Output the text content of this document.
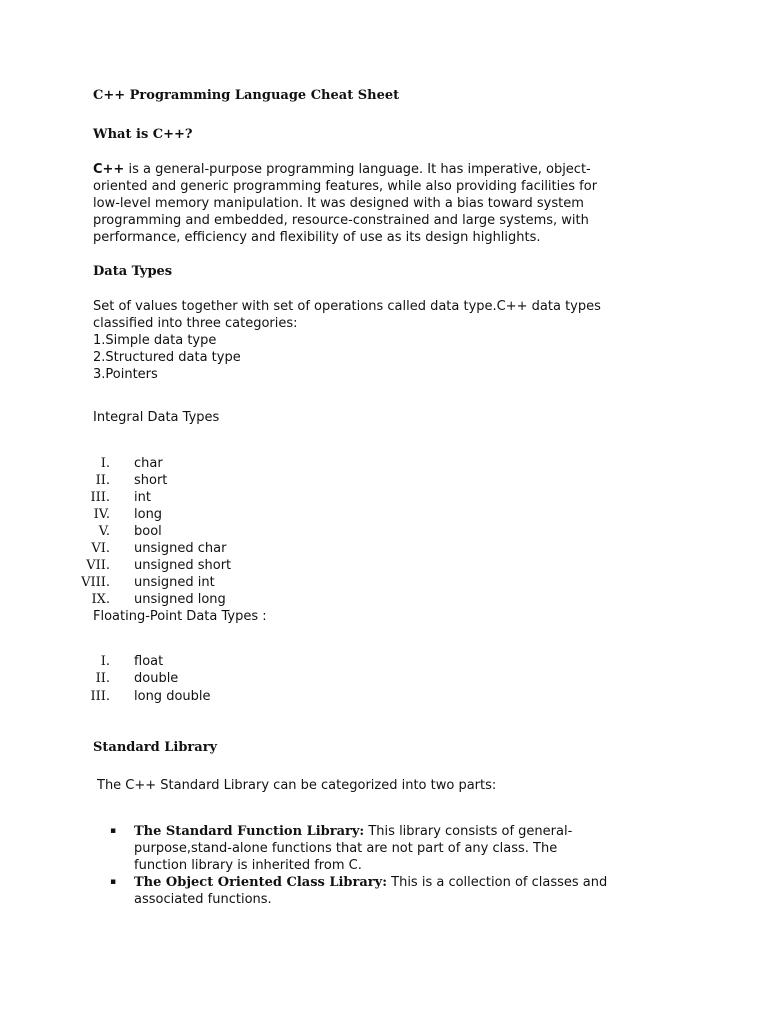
C++ Programming Language Cheat Sheet
What is C++?
C++ is a general-purpose programming language. It has imperative, object-
oriented and generic programming features, while also providing facilities for
low-level memory manipulation. It was designed with a bias toward system
programming and embedded, resource-constrained and large systems, with
performance, efficiency and flexibility of use as its design highlights.
Data Types
Set of values together with set of operations called data type.C++ data types
classified into three categories:
1.Simple data type
2.Structured data type
3.Pointers
Integral Data Types
I. char
II. short
III. int
IV. long
V. bool
VI. unsigned char
VII. unsigned short
VIII. unsigned int
IX. unsigned long
Floating-Point Data Types :
I. float
II. double
III. long double
Standard Library
The C++ Standard Library can be categorized into two parts:
▪ The Standard Function Library: This library consists of general-
purpose,stand-alone functions that are not part of any class. The
function library is inherited from C.
▪ The Object Oriented Class Library: This is a collection of classes and
associated functions.
